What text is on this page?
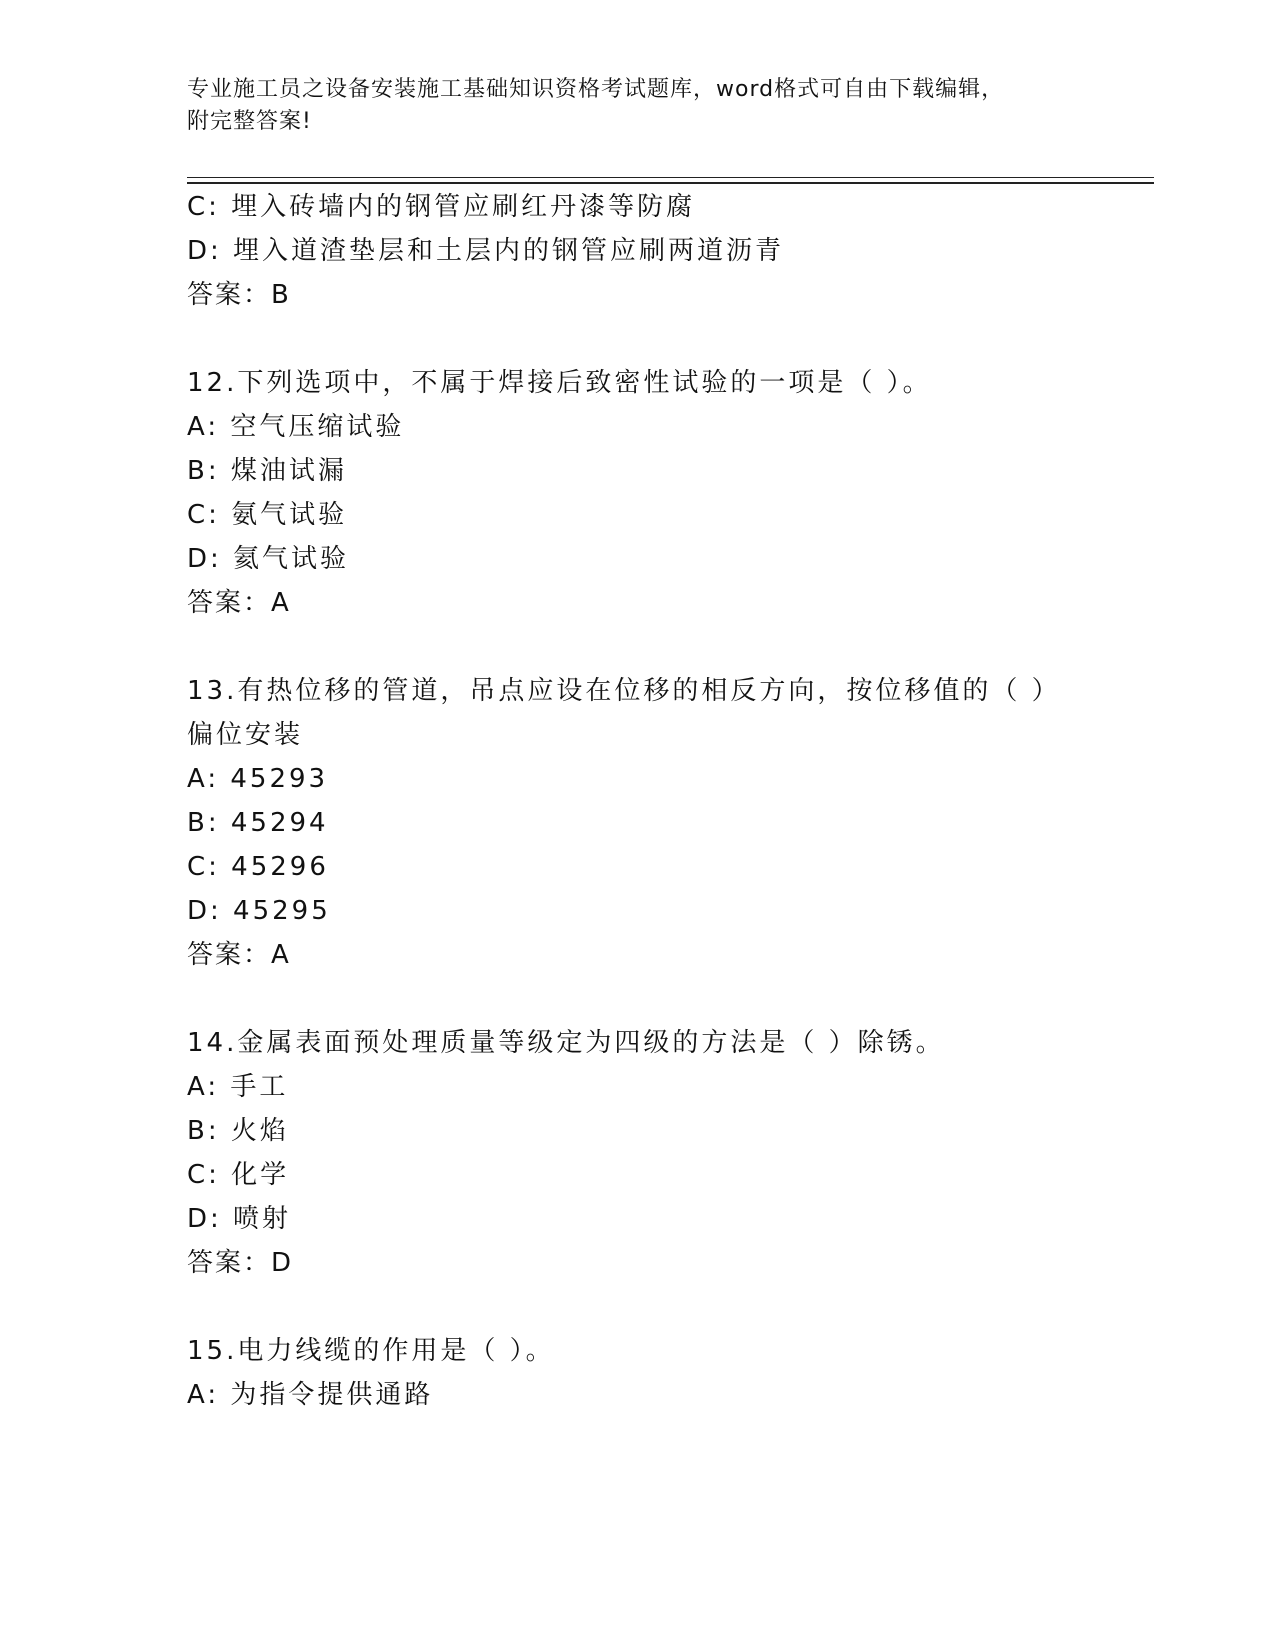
专业施工员之设备安装施工基础知识资格考试题库，word格式可自由下载编辑，
附完整答案!
C: 埋入砖墙内的钢管应刷红丹漆等防腐
D: 埋入道渣垫层和土层内的钢管应刷两道沥青
答案：B
12.下列选项中，不属于焊接后致密性试验的一项是（ ）。
A: 空气压缩试验
B: 煤油试漏
C: 氨气试验
D: 氦气试验
答案：A
13.有热位移的管道，吊点应设在位移的相反方向，按位移值的（ ）
偏位安装
A: 45293
B: 45294
C: 45296
D: 45295
答案：A
14.金属表面预处理质量等级定为四级的方法是（ ）除锈。
A: 手工
B: 火焰
C: 化学
D: 喷射
答案：D
15.电力线缆的作用是（ ）。
A: 为指令提供通路
